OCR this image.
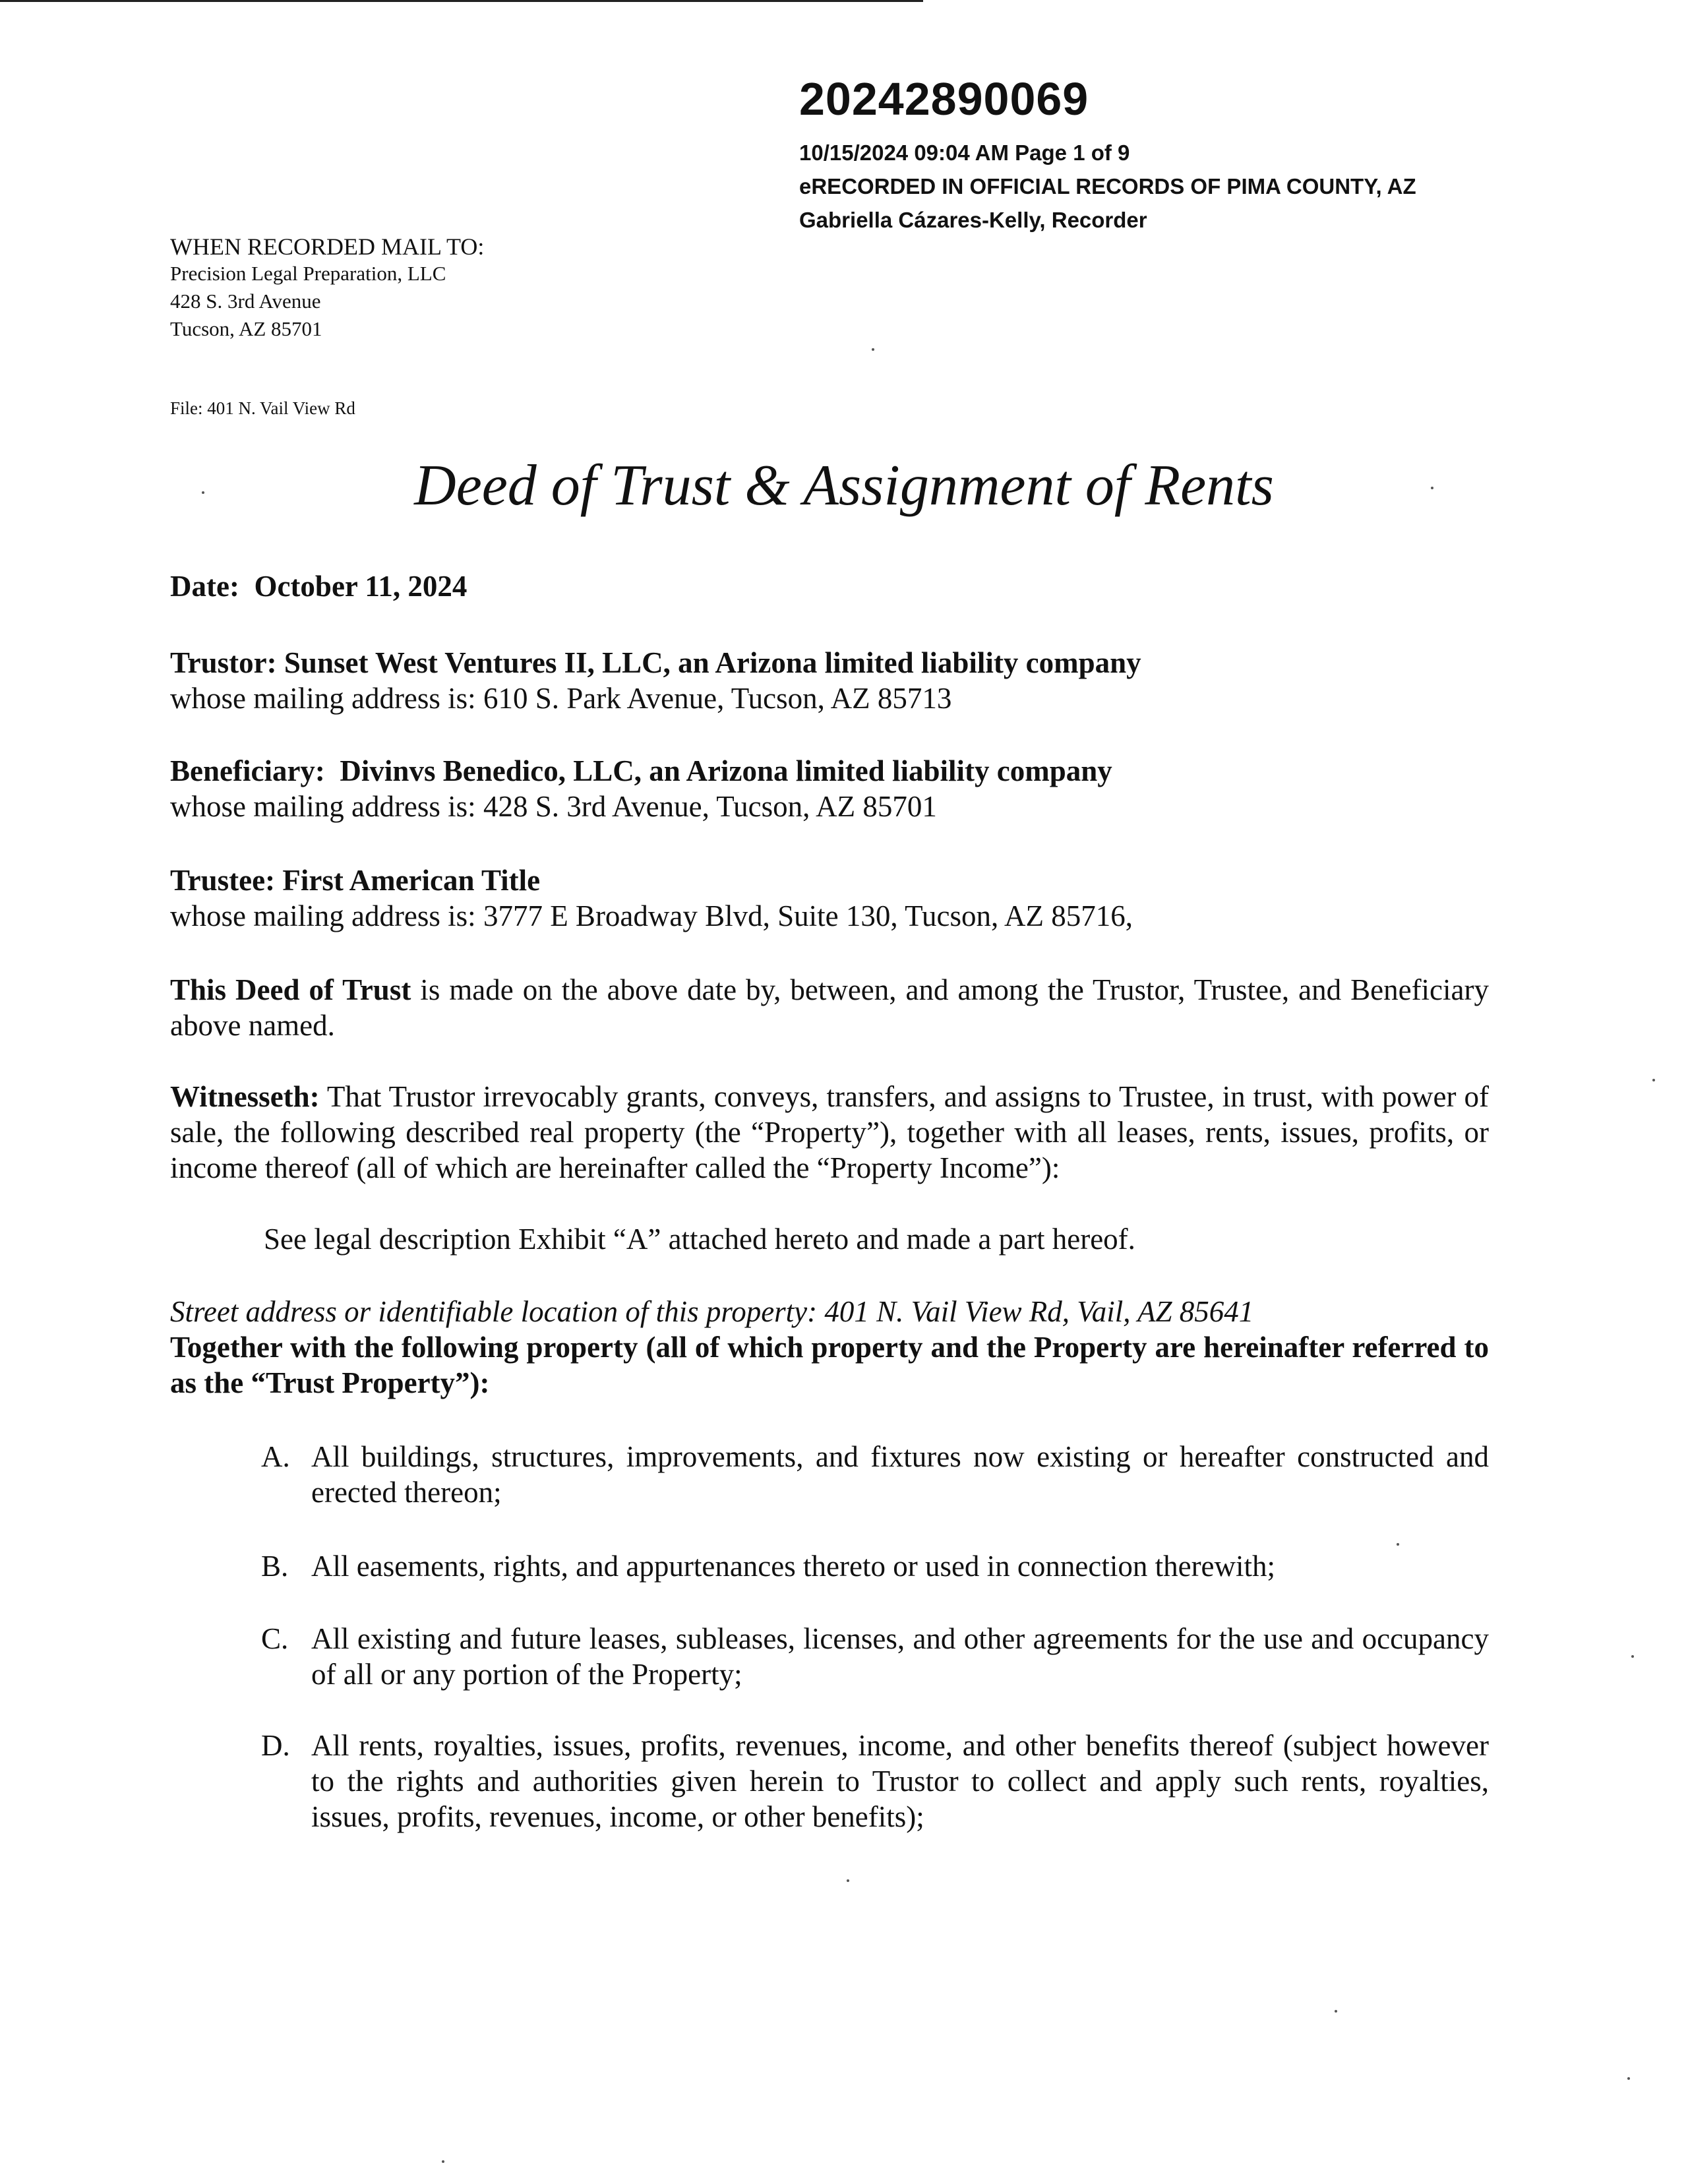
20242890069
10/15/2024 09:04 AM Page 1 of 9
eRECORDED IN OFFICIAL RECORDS OF PIMA COUNTY, AZ
Gabriella Cázares-Kelly, Recorder
WHEN RECORDED MAIL TO:
Precision Legal Preparation, LLC
428 S. 3rd Avenue
Tucson, AZ 85701
File: 401 N. Vail View Rd
Deed of Trust & Assignment of Rents
Date: October 11, 2024
Trustor: Sunset West Ventures II, LLC, an Arizona limited liability company
whose mailing address is: 610 S. Park Avenue, Tucson, AZ 85713
Beneficiary: Divinvs Benedico, LLC, an Arizona limited liability company
whose mailing address is: 428 S. 3rd Avenue, Tucson, AZ 85701
Trustee: First American Title
whose mailing address is: 3777 E Broadway Blvd, Suite 130, Tucson, AZ 85716,
This Deed of Trust is made on the above date by, between, and among the Trustor, Trustee, and Beneficiary above named.
Witnesseth: That Trustor irrevocably grants, conveys, transfers, and assigns to Trustee, in trust, with power of sale, the following described real property (the “Property”), together with all leases, rents, issues, profits, or income thereof (all of which are hereinafter called the “Property Income”):
See legal description Exhibit “A” attached hereto and made a part hereof.
Street address or identifiable location of this property: 401 N. Vail View Rd, Vail, AZ 85641
Together with the following property (all of which property and the Property are hereinafter referred to as the “Trust Property”):
A. All buildings, structures, improvements, and fixtures now existing or hereafter constructed and erected thereon;
B. All easements, rights, and appurtenances thereto or used in connection therewith;
C. All existing and future leases, subleases, licenses, and other agreements for the use and occupancy of all or any portion of the Property;
D. All rents, royalties, issues, profits, revenues, income, and other benefits thereof (subject however to the rights and authorities given herein to Trustor to collect and apply such rents, royalties, issues, profits, revenues, income, or other benefits);
